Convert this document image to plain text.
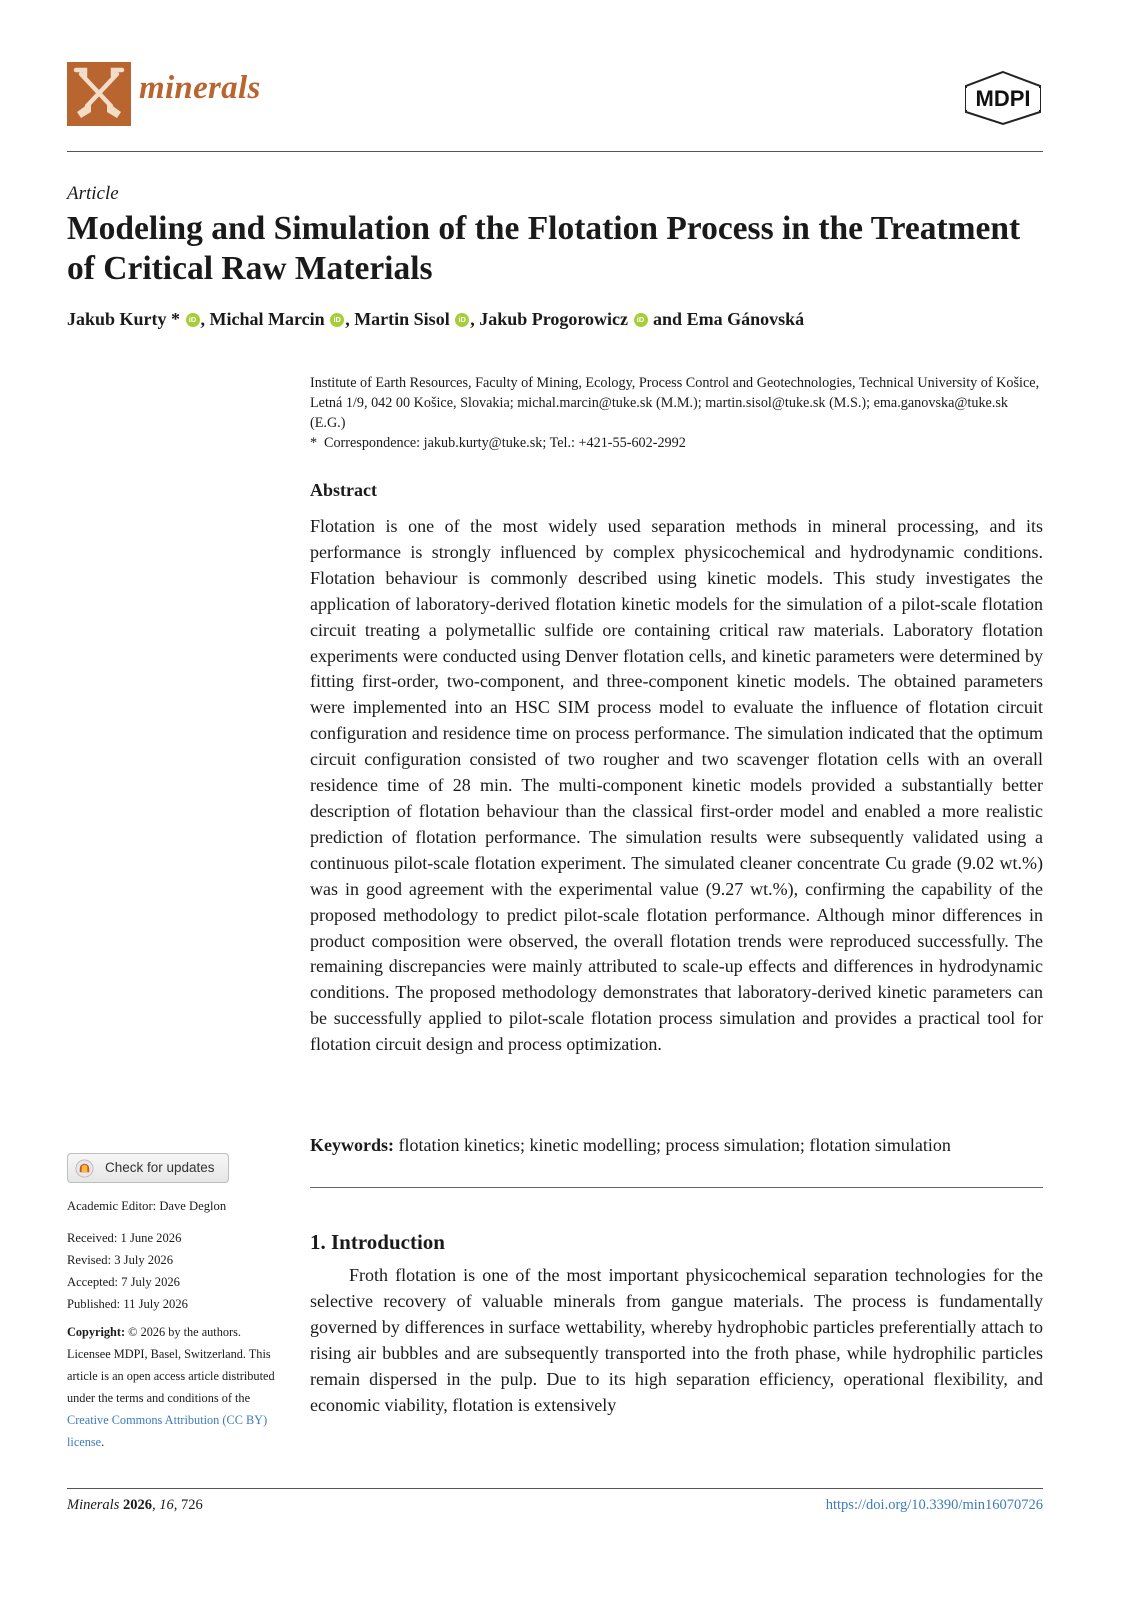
minerals	MDPI
Article
Modeling and Simulation of the Flotation Process in the Treatment of Critical Raw Materials
Jakub Kurty * iD , Michal Marcin iD , Martin Sisol iD , Jakub Progorowicz iD and Ema Gánovská

Institute of Earth Resources, Faculty of Mining, Ecology, Process Control and Geotechnologies, Technical University of Košice, Letná 1/9, 042 00 Košice, Slovakia; michal.marcin@tuke.sk (M.M.); martin.sisol@tuke.sk (M.S.); ema.ganovska@tuke.sk (E.G.)

* Correspondence: jakub.kurty@tuke.sk; Tel.: +421-55-602-2992

Abstract

Flotation is one of the most widely used separation methods in mineral processing, and its performance is strongly influenced by complex physicochemical and hydrodynamic conditions. Flotation behaviour is commonly described using kinetic models. This study investigates the application of laboratory-derived flotation kinetic models for the simulation of a pilot-scale flotation circuit treating a polymetallic sulfide ore containing critical raw materials. Laboratory flotation experiments were conducted using Denver flotation cells, and kinetic parameters were determined by fitting first-order, two-component, and three-component kinetic models. The obtained parameters were implemented into an HSC SIM process model to evaluate the influence of flotation circuit configuration and residence time on process performance. The simulation indicated that the optimum circuit configuration consisted of two rougher and two scavenger flotation cells with an overall residence time of 28 min. The multi-component kinetic models provided a substantially better description of flotation behaviour than the classical first-order model and enabled a more realistic prediction of flotation performance. The simulation results were subsequently validated using a continuous pilot-scale flotation experiment. The simulated cleaner concentrate Cu grade (9.02 wt.%) was in good agreement with the experimental value (9.27 wt.%), confirming the capability of the proposed methodology to predict pilot-scale flotation performance. Although minor differences in product composition were observed, the overall flotation trends were reproduced successfully. The remaining discrepancies were mainly attributed to scale-up effects and differences in hydrodynamic conditions. The proposed methodology demonstrates that laboratory-derived kinetic parameters can be successfully applied to pilot-scale flotation process simulation and provides a practical tool for flotation circuit design and process optimization.

Keywords: flotation kinetics; kinetic modelling; process simulation; flotation simulation
1. Introduction

Froth flotation is one of the most important physicochemical separation technologies for the selective recovery of valuable minerals from gangue materials. The process is fundamentally governed by differences in surface wettability, whereby hydrophobic particles preferentially attach to rising air bubbles and are subsequently transported into the froth phase, while hydrophilic particles remain dispersed in the pulp. Due to its high separation efficiency, operational flexibility, and economic viability, flotation is extensively

Check for updates
Academic Editor: Dave Deglon
Received: 1 June 2026
Revised: 3 July 2026
Accepted: 7 July 2026
Published: 11 July 2026
Copyright: © 2026 by the authors. Licensee MDPI, Basel, Switzerland. This article is an open access article distributed under the terms and conditions of the Creative Commons Attribution (CC BY) license.
Minerals 2026, 16, 726	https://doi.org/10.3390/min16070726
